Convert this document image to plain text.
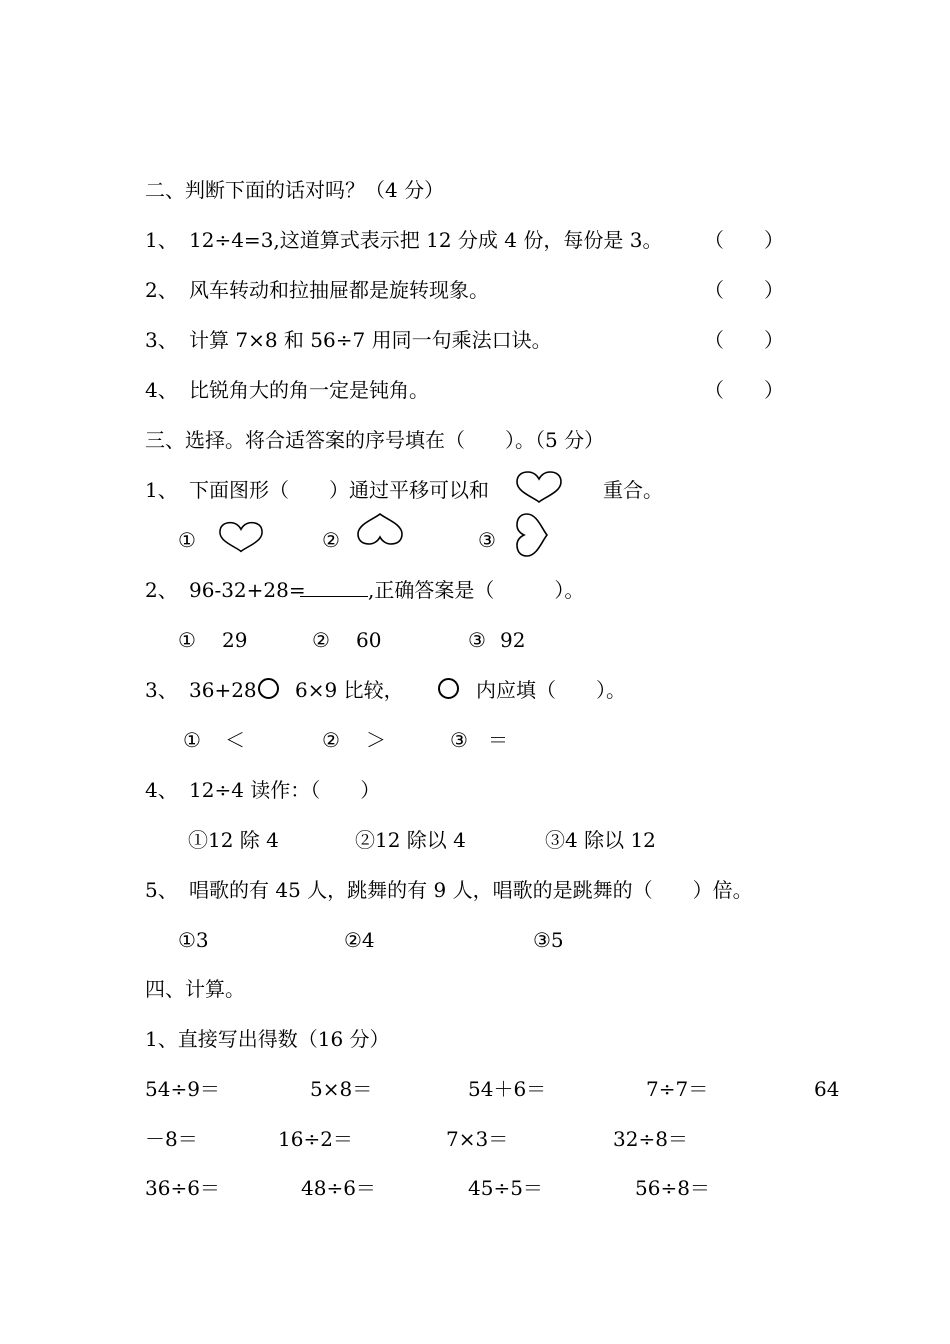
二、判断下面的话对吗？（4 分）
1、 12÷4=3,这道算式表示把 12 分成 4 份，每份是 3。 （　　）
2、 风车转动和拉抽屉都是旋转现象。	（　　）
3、 计算 7×8 和 56÷7 用同一句乘法口诀。	（　　）
4、 比锐角大的角一定是钝角。	（　　）
三、选择。将合适答案的序号填在（　　）。（5 分）
1、 下面图形（　　）通过平移可以和	重合。
①	②	③
2、 96-32+28=	,正确答案是（　　　）。
① 29	② 60	③ 92
3、 36+28 6×9 比较，	内应填（　　）。
① ＜	② ＞	③ ＝
4、 12÷4 读作：（　　）
①12 除 4	②12 除以 4	③4 除以 12
5、 唱歌的有 45 人，跳舞的有 9 人，唱歌的是跳舞的（　　）倍。
①3	②4	③5
四、计算。
1、直接写出得数（16 分）
54÷9＝	5×8＝	54＋6＝	7÷7＝	64
－8＝	16÷2＝	7×3＝	32÷8＝
36÷6＝	48÷6＝	45÷5＝	56÷8＝
